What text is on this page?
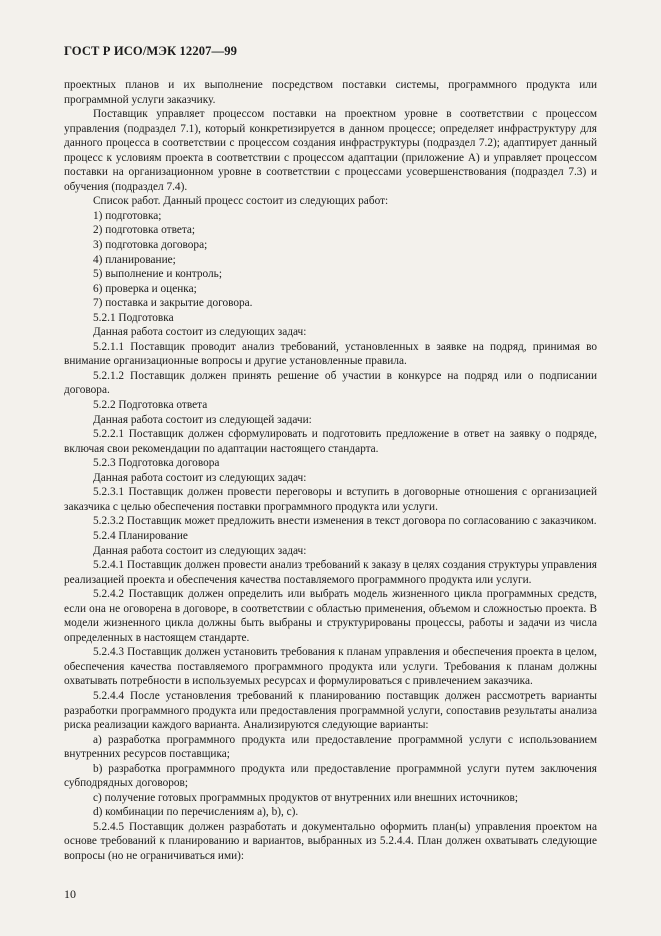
ГОСТ Р ИСО/МЭК 12207—99

проектных планов и их выполнение посредством поставки системы, программного продукта или программной услуги заказчику.

Поставщик управляет процессом поставки на проектном уровне в соответствии с процессом управления (подраздел 7.1), который конкретизируется в данном процессе; определяет инфраструктуру для данного процесса в соответствии с процессом создания инфраструктуры (подраздел 7.2); адаптирует данный процесс к условиям проекта в соответствии с процессом адаптации (приложение А) и управляет процессом поставки на организационном уровне в соответствии с процессами усовершенствования (подраздел 7.3) и обучения (подраздел 7.4).

Список работ. Данный процесс состоит из следующих работ:

1) подготовка;

2) подготовка ответа;

3) подготовка договора;

4) планирование;

5) выполнение и контроль;

6) проверка и оценка;

7) поставка и закрытие договора.

5.2.1 Подготовка

Данная работа состоит из следующих задач:

5.2.1.1 Поставщик проводит анализ требований, установленных в заявке на подряд, принимая во внимание организационные вопросы и другие установленные правила.

5.2.1.2 Поставщик должен принять решение об участии в конкурсе на подряд или о подписании договора.

5.2.2 Подготовка ответа

Данная работа состоит из следующей задачи:

5.2.2.1 Поставщик должен сформулировать и подготовить предложение в ответ на заявку о подряде, включая свои рекомендации по адаптации настоящего стандарта.

5.2.3 Подготовка договора

Данная работа состоит из следующих задач:

5.2.3.1 Поставщик должен провести переговоры и вступить в договорные отношения с организацией заказчика с целью обеспечения поставки программного продукта или услуги.

5.2.3.2 Поставщик может предложить внести изменения в текст договора по согласованию с заказчиком.

5.2.4 Планирование

Данная работа состоит из следующих задач:

5.2.4.1 Поставщик должен провести анализ требований к заказу в целях создания структуры управления реализацией проекта и обеспечения качества поставляемого программного продукта или услуги.

5.2.4.2 Поставщик должен определить или выбрать модель жизненного цикла программных средств, если она не оговорена в договоре, в соответствии с областью применения, объемом и сложностью проекта. В модели жизненного цикла должны быть выбраны и структурированы процессы, работы и задачи из числа определенных в настоящем стандарте.

5.2.4.3 Поставщик должен установить требования к планам управления и обеспечения проекта в целом, обеспечения качества поставляемого программного продукта или услуги. Требования к планам должны охватывать потребности в используемых ресурсах и формулироваться с привлечением заказчика.

5.2.4.4 После установления требований к планированию поставщик должен рассмотреть варианты разработки программного продукта или предоставления программной услуги, сопоставив результаты анализа риска реализации каждого варианта. Анализируются следующие варианты:

a) разработка программного продукта или предоставление программной услуги с использованием внутренних ресурсов поставщика;

b) разработка программного продукта или предоставление программной услуги путем заключения субподрядных договоров;

c) получение готовых программных продуктов от внутренних или внешних источников;

d) комбинации по перечислениям a), b), c).

5.2.4.5 Поставщик должен разработать и документально оформить план(ы) управления проектом на основе требований к планированию и вариантов, выбранных из 5.2.4.4. План должен охватывать следующие вопросы (но не ограничиваться ими):

10
